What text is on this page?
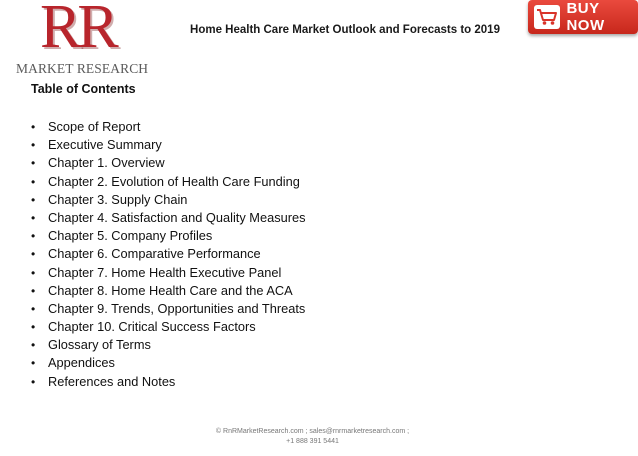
RR
MARKET RESEARCH
Home Health Care Market Outlook and Forecasts to 2019
BUY NOW
Table of Contents
• Scope of Report
• Executive Summary
• Chapter 1. Overview
• Chapter 2. Evolution of Health Care Funding
• Chapter 3. Supply Chain
• Chapter 4. Satisfaction and Quality Measures
• Chapter 5. Company Profiles
• Chapter 6. Comparative Performance
• Chapter 7. Home Health Executive Panel
• Chapter 8. Home Health Care and the ACA
• Chapter 9. Trends, Opportunities and Threats
• Chapter 10. Critical Success Factors
• Glossary of Terms
• Appendices
• References and Notes
© RnRMarketResearch.com ; sales@rnrmarketresearch.com ;
+1 888 391 5441
